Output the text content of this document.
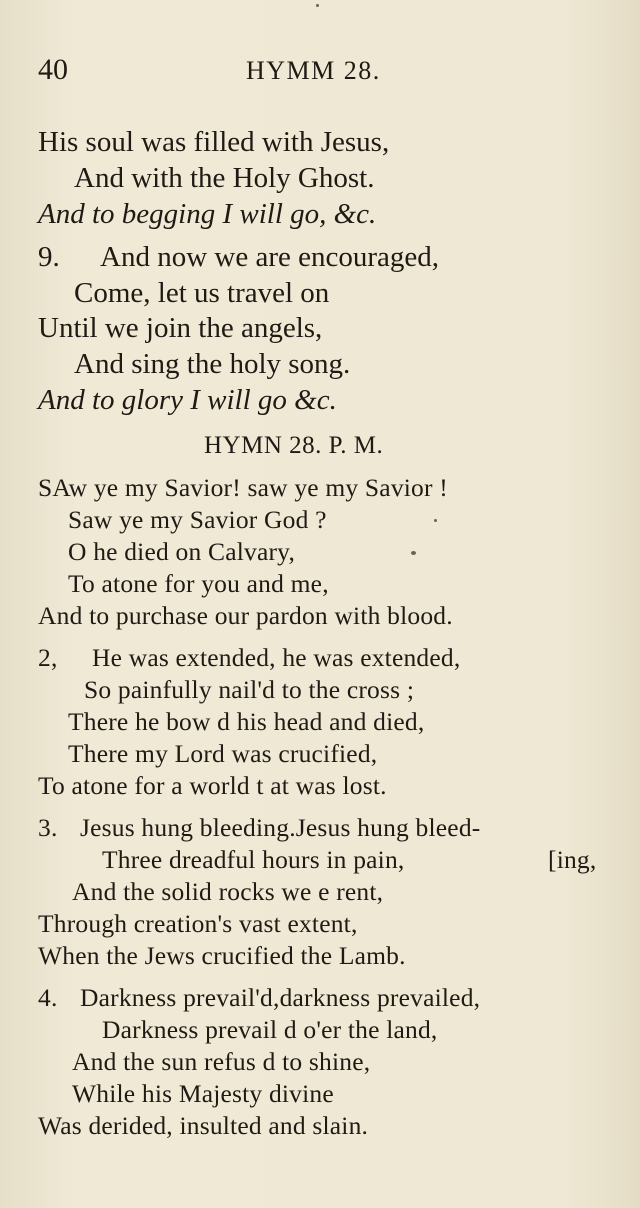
40	HYMM 28.
His soul was filled with Jesus,
And with the Holy Ghost.
And to begging I will go, &c.
9. And now we are encouraged,
Come, let us travel on
Until we join the angels,
And sing the holy song.
And to glory I will go &c.
HYMN 28. P. M.
SAw ye my Savior! saw ye my Savior !
Saw ye my Savior God ?
O he died on Calvary,
To atone for you and me,
And to purchase our pardon with blood.
2, He was extended, he was extended,
So painfully nail'd to the cross ;
There he bow d his head and died,
There my Lord was crucified,
To atone for a world t at was lost.
3. Jesus hung bleeding.Jesus hung bleed-
Three dreadful hours in pain,	[ing,
And the solid rocks we e rent,
Through creation's vast extent,
When the Jews crucified the Lamb.
4. Darkness prevail'd,darkness prevailed,
Darkness prevail d o'er the land,
And the sun refus d to shine,
While his Majesty divine
Was derided, insulted and slain.
